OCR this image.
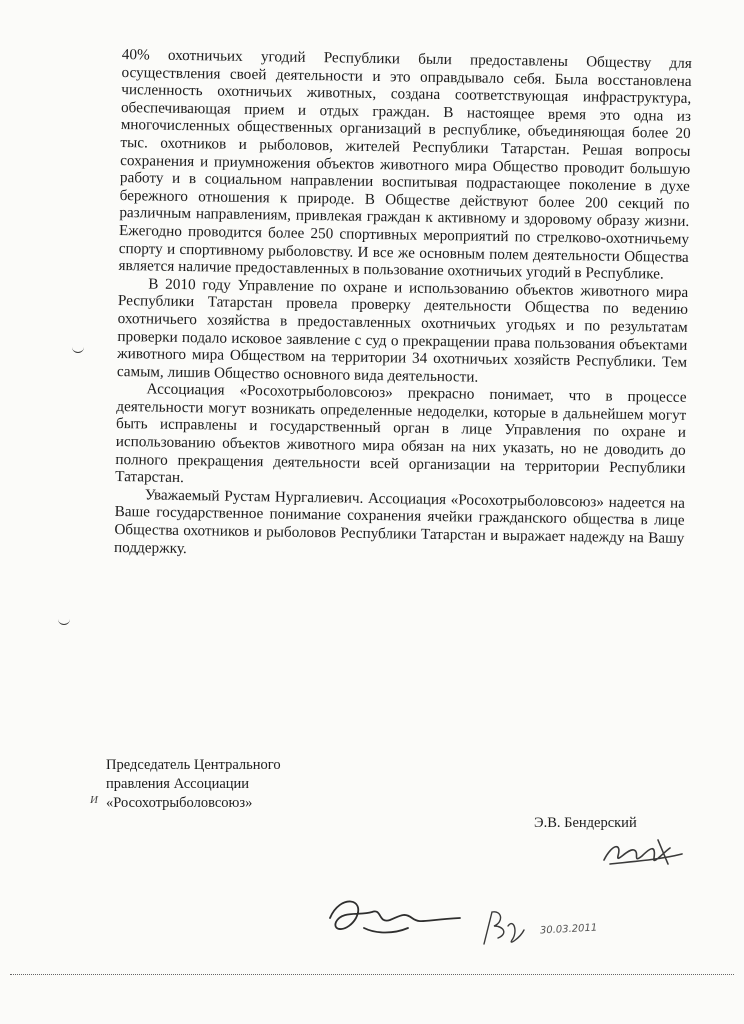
40% охотничьих угодий Республики были предоставлены Обществу для осуществления своей деятельности и это оправдывало себя. Была восстановлена численность охотничьих животных, создана соответствующая инфраструктура, обеспечивающая прием и отдых граждан. В настоящее время это одна из многочисленных общественных организаций в республике, объединяющая более 20 тыс. охотников и рыболовов, жителей Республики Татарстан. Решая вопросы сохранения и приумножения объектов животного мира Общество проводит большую работу и в социальном направлении воспитывая подрастающее поколение в духе бережного отношения к природе. В Обществе действуют более 200 секций по различным направлениям, привлекая граждан к активному и здоровому образу жизни. Ежегодно проводится более 250 спортивных мероприятий по стрелково-охотничьему спорту и спортивному рыболовству. И все же основным полем деятельности Общества является наличие предоставленных в пользование охотничьих угодий в Республике.

В 2010 году Управление по охране и использованию объектов животного мира Республики Татарстан провела проверку деятельности Общества по ведению охотничьего хозяйства в предоставленных охотничьих угодьях и по результатам проверки подало исковое заявление с суд о прекращении права пользования объектами животного мира Обществом на территории 34 охотничьих хозяйств Республики. Тем самым, лишив Общество основного вида деятельности.

Ассоциация «Росохотрыболовсоюз» прекрасно понимает, что в процессе деятельности могут возникать определенные недоделки, которые в дальнейшем могут быть исправлены и государственный орган в лице Управления по охране и использованию объектов животного мира обязан на них указать, но не доводить до полного прекращения деятельности всей организации на территории Республики Татарстан.

Уважаемый Рустам Нургалиевич. Ассоциация «Росохотрыболовсоюз» надеется на Ваше государственное понимание сохранения ячейки гражданского общества в лице Общества охотников и рыболовов Республики Татарстан и выражает надежду на Вашу поддержку.

Председатель Центрального
правления Ассоциации
«Росохотрыболовсоюз»
И
Э.В. Бендерский
30.03.2011
